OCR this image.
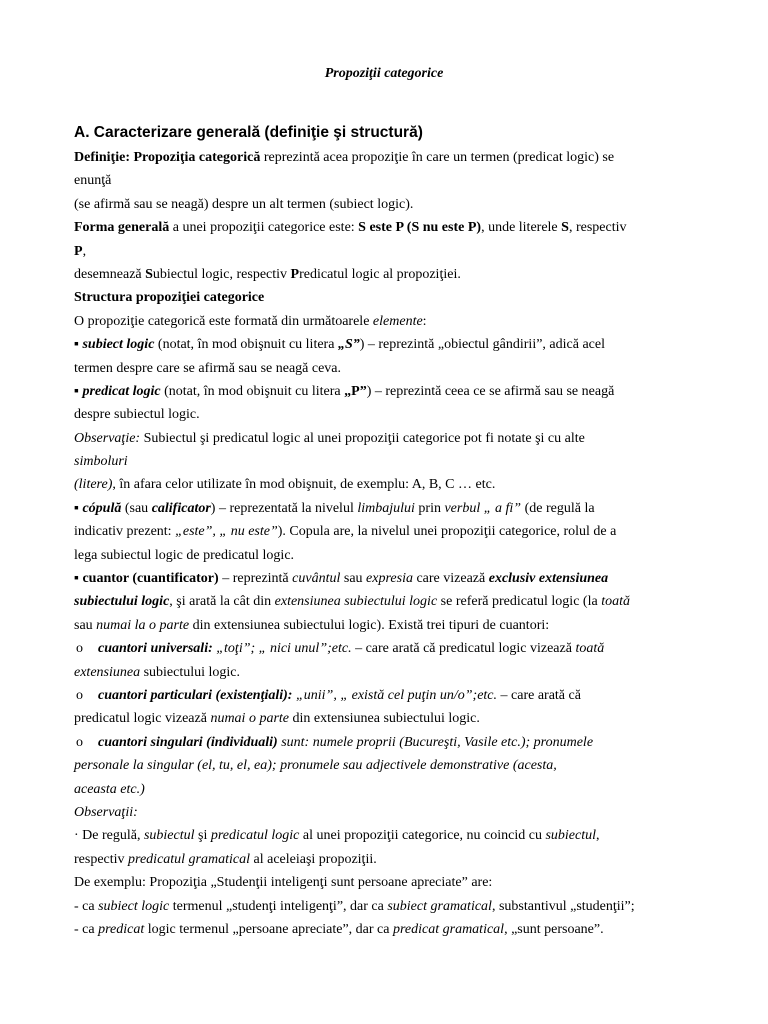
Propoziţii categorice
A. Caracterizare generală (definiţie şi structură)
Definiţie: Propoziţia categorică reprezintă acea propoziţie în care un termen (predicat logic) se
enunţă
(se afirmă sau se neagă) despre un alt termen (subiect logic).
Forma generală a unei propoziţii categorice este: S este P (S nu este P), unde literele S, respectiv
P,
desemnează Subiectul logic, respectiv Predicatul logic al propoziţiei.
Structura propoziţiei categorice
O propoziţie categorică este formată din următoarele elemente:
▪ subiect logic (notat, în mod obişnuit cu litera „S”) – reprezintă „obiectul gândirii”, adică acel
termen despre care se afirmă sau se neagă ceva.
▪ predicat logic (notat, în mod obişnuit cu litera „P”) – reprezintă ceea ce se afirmă sau se neagă
despre subiectul logic.
Observaţie: Subiectul şi predicatul logic al unei propoziţii categorice pot fi notate şi cu alte
simboluri
(litere), în afara celor utilizate în mod obişnuit, de exemplu: A, B, C … etc.
▪ cópulă (sau calificator) – reprezentată la nivelul limbajului prin verbul „ a fi” (de regulă la
indicativ prezent: „este”, „ nu este”). Copula are, la nivelul unei propoziţii categorice, rolul de a
lega subiectul logic de predicatul logic.
▪ cuantor (cuantificator) – reprezintă cuvântul sau expresia care vizează exclusiv extensiunea
subiectului logic, şi arată la cât din extensiunea subiectului logic se referă predicatul logic (la toată
sau numai la o parte din extensiunea subiectului logic). Există trei tipuri de cuantori:
o cuantori universali: „toţi”; „ nici unul”;etc. – care arată că predicatul logic vizează toată
extensiunea subiectului logic.
o cuantori particulari (existenţiali): „unii”, „ există cel puţin un/o”;etc. – care arată că
predicatul logic vizează numai o parte din extensiunea subiectului logic.
o cuantori singulari (individuali) sunt: numele proprii (Bucureşti, Vasile etc.); pronumele
personale la singular (el, tu, el, ea); pronumele sau adjectivele demonstrative (acesta,
aceasta etc.)
Observaţii:
· De regulă, subiectul şi predicatul logic al unei propoziţii categorice, nu coincid cu subiectul,
respectiv predicatul gramatical al aceleiaşi propoziţii.
De exemplu: Propoziţia „Studenţii inteligenţi sunt persoane apreciate” are:
- ca subiect logic termenul „studenţi inteligenţi”, dar ca subiect gramatical, substantivul „studenţii”;
- ca predicat logic termenul „persoane apreciate”, dar ca predicat gramatical, „sunt persoane”.
